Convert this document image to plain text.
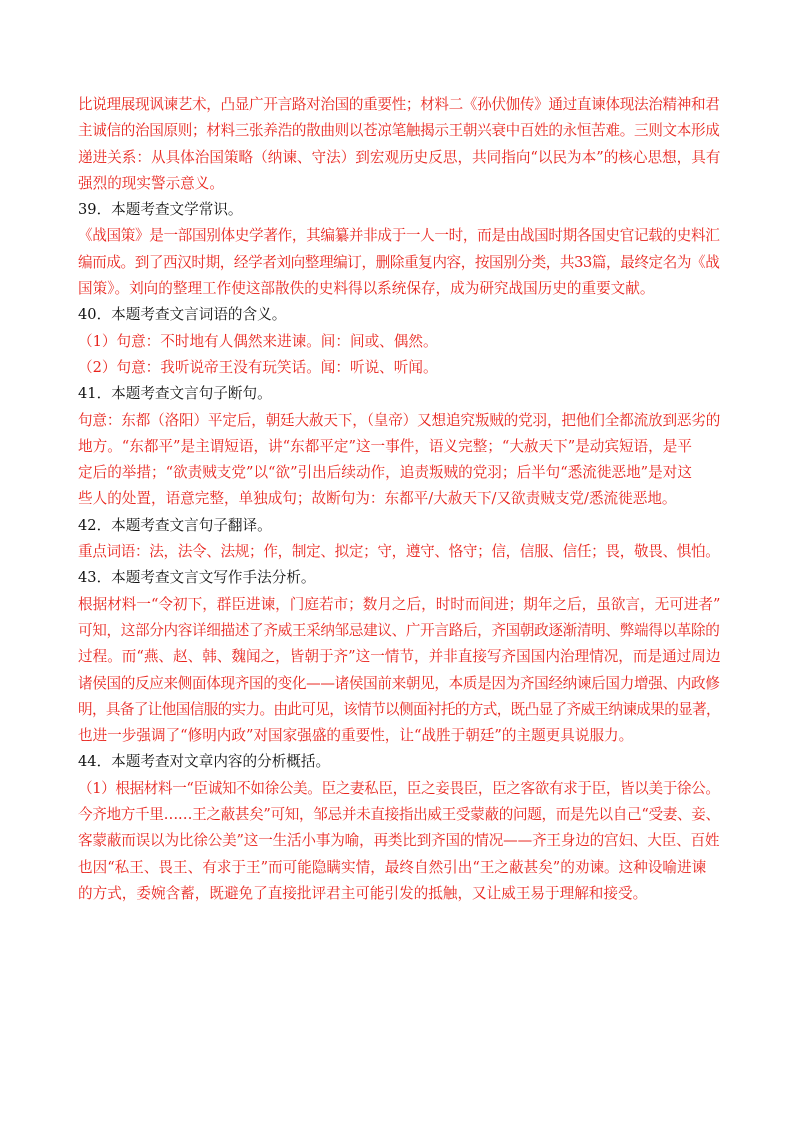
比说理展现讽谏艺术，凸显广开言路对治国的重要性；材料二《孙伏伽传》通过直谏体现法治精神和君
主诚信的治国原则；材料三张养浩的散曲则以苍凉笔触揭示王朝兴衰中百姓的永恒苦难。三则文本形成
递进关系：从具体治国策略（纳谏、守法）到宏观历史反思，共同指向“以民为本”的核心思想，具有
强烈的现实警示意义。
39．本题考查文学常识。
《战国策》是一部国别体史学著作，其编纂并非成于一人一时，而是由战国时期各国史官记载的史料汇
编而成。到了西汉时期，经学者刘向整理编订，删除重复内容，按国别分类，共33篇，最终定名为《战
国策》。刘向的整理工作使这部散佚的史料得以系统保存，成为研究战国历史的重要文献。
40．本题考查文言词语的含义。
（1）句意：不时地有人偶然来进谏。间：间或、偶然。
（2）句意：我听说帝王没有玩笑话。闻：听说、听闻。
41．本题考查文言句子断句。
句意：东都（洛阳）平定后，朝廷大赦天下，（皇帝）又想追究叛贼的党羽，把他们全都流放到恶劣的
地方。“东都平”是主谓短语，讲“东都平定”这一事件，语义完整；“大赦天下”是动宾短语，是平
定后的举措；“欲责贼支党”以“欲”引出后续动作，追责叛贼的党羽；后半句“悉流徙恶地”是对这
些人的处置，语意完整，单独成句；故断句为：东都平/大赦天下/又欲责贼支党/悉流徙恶地。
42．本题考查文言句子翻译。
重点词语：法，法令、法规；作，制定、拟定；守，遵守、恪守；信，信服、信任；畏，敬畏、惧怕。
43．本题考查文言文写作手法分析。
根据材料一“令初下，群臣进谏，门庭若市；数月之后，时时而间进；期年之后，虽欲言，无可进者”
可知，这部分内容详细描述了齐威王采纳邹忌建议、广开言路后，齐国朝政逐渐清明、弊端得以革除的
过程。而“燕、赵、韩、魏闻之，皆朝于齐”这一情节，并非直接写齐国国内治理情况，而是通过周边
诸侯国的反应来侧面体现齐国的变化——诸侯国前来朝见，本质是因为齐国经纳谏后国力增强、内政修
明，具备了让他国信服的实力。由此可见，该情节以侧面衬托的方式，既凸显了齐威王纳谏成果的显著，
也进一步强调了“修明内政”对国家强盛的重要性，让“战胜于朝廷”的主题更具说服力。
44．本题考查对文章内容的分析概括。
（1）根据材料一“臣诚知不如徐公美。臣之妻私臣，臣之妾畏臣，臣之客欲有求于臣，皆以美于徐公。
今齐地方千里……王之蔽甚矣”可知，邹忌并未直接指出威王受蒙蔽的问题，而是先以自己“受妻、妾、
客蒙蔽而误以为比徐公美”这一生活小事为喻，再类比到齐国的情况——齐王身边的宫妇、大臣、百姓
也因“私王、畏王、有求于王”而可能隐瞒实情，最终自然引出“王之蔽甚矣”的劝谏。这种设喻进谏
的方式，委婉含蓄，既避免了直接批评君主可能引发的抵触，又让威王易于理解和接受。
